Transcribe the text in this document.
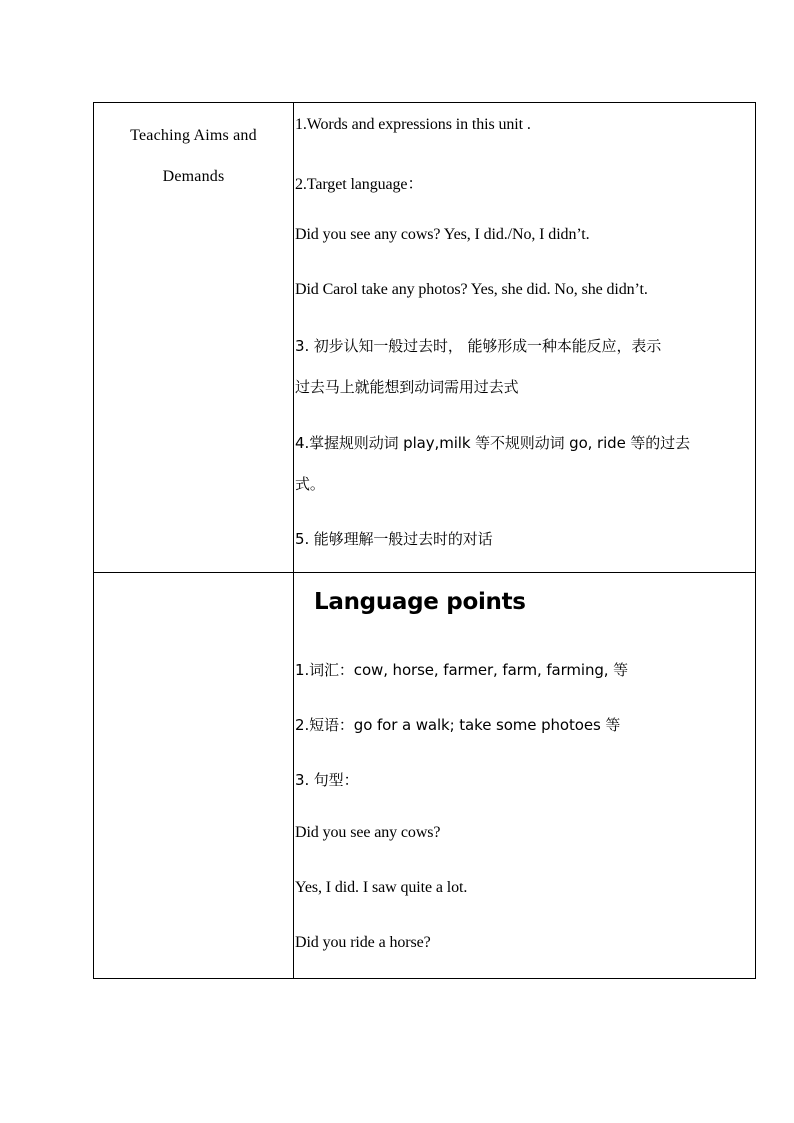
Teaching Aims and Demands
1.Words and expressions in this unit .
2.Target language：
Did you see any cows? Yes, I did./No, I didn’t.
Did Carol take any photos? Yes, she did. No, she didn’t.
3. 初步认知一般过去时， 能够形成一种本能反应，表示
过去马上就能想到动词需用过去式
4.掌握规则动词 play,milk 等不规则动词 go, ride 等的过去
式。
5. 能够理解一般过去时的对话
Language points
1.词汇：cow, horse, farmer, farm, farming, 等
2.短语：go for a walk; take some photoes 等
3. 句型：
Did you see any cows?
Yes, I did. I saw quite a lot.
Did you ride a horse?
